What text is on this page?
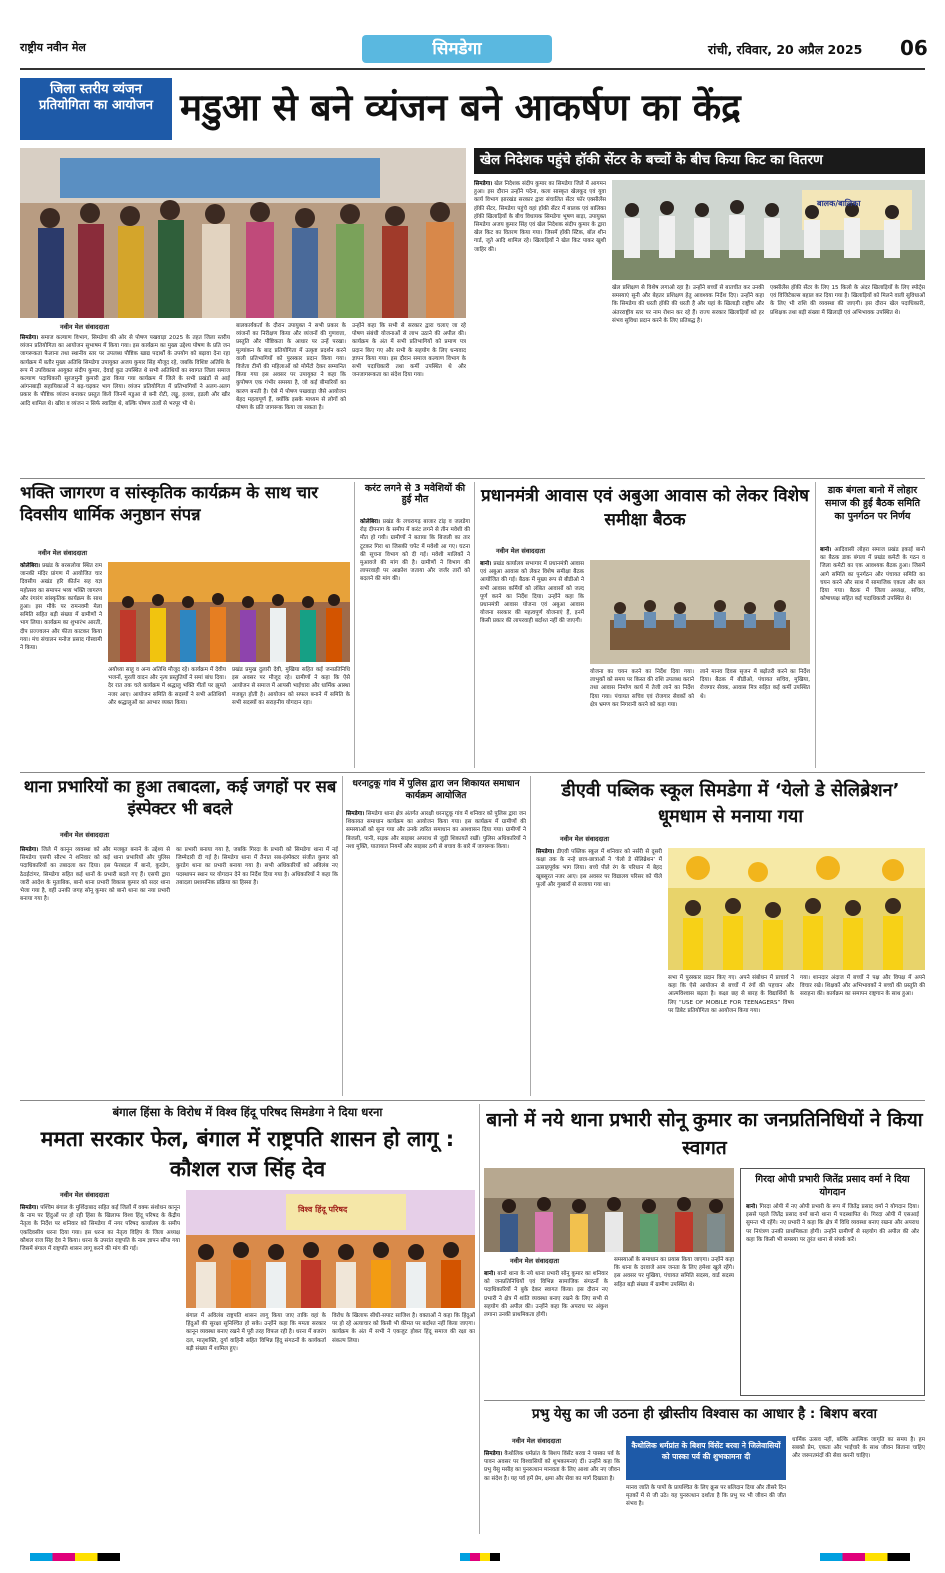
राष्ट्रीय नवीन मेल	सिमडेगा	रांची, रविवार, 20 अप्रैल 2025 06
जिला स्तरीय व्यंजन प्रतियोगिता का आयोजन मडुआ से बने व्यंजन बने आकर्षण का केंद्र
नवीन मेल संवाददाता
सिमडेगा। समाज कल्याण विभाग, सिमडेगा की ओर से पोषण पखवाड़ा 2025 के तहत जिला स्तरीय व्यंजन प्रतियोगिता का आयोजन सुभाषम में किया गया। इस कार्यक्रम का मुख्य उद्देश्य पोषण के प्रति जन जागरूकता फैलाना तथा स्थानीय स्तर पर उपलब्ध पौष्टिक खाद्य पदार्थों के उपयोग को बढ़ावा देना रहा कार्यक्रम में बतौर मुख्य अतिथि सिमडेगा उपायुक्त अजय कुमार सिंह मौजूद रहे, जबकि विशिष्ट अतिथि के रूप में उपविकास आयुक्त संदीप कुमार, देवाई कुड उपस्थित थे सभी अतिथियों का स्वागत जिला समाज कल्याण पदाधिकारी सुरजमुनी कुमारी द्वारा किया गया कार्यक्रम में जिले के सभी प्रखंडों से आई आंगनबाड़ी सहायिकाओं ने बढ़-चढ़कर भाग लिया। व्यंजन प्रतियोगिता में प्रतिभागियों ने अलग-अलग प्रकार के पौष्टिक व्यंजन बनाकर प्रस्तुत किये जिनमें मडुआ से बनी रोटी, लड्डू, हलवा, इडली और खीर आदि शामिल थे। खीरा व व्यंजन न सिर्फ स्वादिष्ट थे, बल्कि पोषण तत्वों से भरपूर भी थे।
बालकार्यकर्ता के दौरान उपायुक्त ने सभी प्रकार के व्यंजनों का निरीक्षण किया और व्यंजनों की गुणवत्ता, प्रस्तुति और पौष्टिकता के आधार पर उन्हें परखा। मूल्यांकन के बाद प्रतियोगिता में उत्कृष्ट प्रदर्शन करने वाली प्रतिभागियों को पुरस्कार प्रदान किया गया। विजेता टीमों की महिलाओं को मोमेंटो देकर सम्मानित किया गया इस अवसर पर उपायुक्त ने कहा कि कुपोषण एक गंभीर समस्या है, जो कई बीमारियों का कारण बनती है। ऐसे में पोषण पखवाड़ा जैसे आयोजन बेहद महत्वपूर्ण हैं, क्योंकि इसके माध्यम से लोगों को पोषण के प्रति जागरूक किया जा सकता है।
उन्होंने कहा कि सभी से सरकार द्वारा चलाए जा रहे पोषण संबंधी योजनाओं से लाभ उठाने की अपील की। कार्यक्रम के अंत में सभी प्रतिभागियों को प्रमाण पत्र प्रदान किए गए और सभी के सहयोग के लिए धन्यवाद ज्ञापन किया गया। इस दौरान समाज कल्याण विभाग के सभी पदाधिकारी तथा कर्मी उपस्थित थे और जनजागरूकता का संदेश दिया गया।
खेल निदेशक पहुंचे हॉकी सेंटर के बच्चों के बीच किया किट का वितरण
सिमडेगा। खेल निदेशक संदीप कुमार का सिमडेगा जिले में आगमन हुआ। इस दौरान उन्होंने पदेना, कला सास्कृत खेलकूद एवं युवा कार्य विभाग झारखंड सरकार द्वारा संचालित सेंटर फॉर एक्सीलेंस हॉकी सेंटर, सिमडेगा पहुंचे वहां हॉकी सेंटर में बालक एवं बालिका हॉकी खिलाड़ियों के बीच विधायक सिमडेगा भूषण बाड़ा, उपायुक्त सिमडेगा अजय कुमार सिंह एवं खेल निदेशक संदीप कुमार के द्वारा खेल किट का वितरण किया गया। जिसमें हॉकी स्टिक, बॉल शीन गार्ड, जूते आदि शामिल रहे। खिलाड़ियों ने खेल किट पाकर खुशी जाहिर की।
बालक/बालिका
खेल प्रशिक्षण से विशेष लगाओ रहा है। उन्होंने बच्चों से बातचीत कर उनकी समस्याएं सुनी और बेहतर प्रशिक्षण हेतु आवश्यक निर्देश दिए। उन्होंने कहा कि सिमडेगा की धरती हॉकी की धरती है और यहां के खिलाड़ी राष्ट्रीय और अंतरराष्ट्रीय स्तर पर नाम रोशन कर रहे हैं। राज्य सरकार खिलाड़ियों को हर संभव सुविधा प्रदान करने के लिए प्रतिबद्ध है।
एक्सीलेंस हॉकी सेंटर के लिए 15 किलो के अंदर खिलाड़ियों के लिए स्पोर्ट्स एवं विजिटेबल्स बहाल कर दिया गया है। खिलाड़ियों को मिलने वाली सुविधाओं के लिए भी राशि की व्यवस्था की जाएगी। इस दौरान खेल पदाधिकारी, प्रशिक्षक तथा बड़ी संख्या में खिलाड़ी एवं अभिभावक उपस्थित थे।
भक्ति जागरण व सांस्कृतिक कार्यक्रम के साथ चार दिवसीय धार्मिक अनुष्ठान संपन्न
नवीन मेल संवाददाता
कोलेबिरा। प्रखंड के बरसलोया स्थित राम जानकी मंदिर प्रांगण में आयोजित चार दिवसीय अखंड हरि कीर्तन सह यज्ञ महोत्सव का समापन भव्य भक्ति जागरण और रंगारंग सांस्कृतिक कार्यक्रम के साथ हुआ। इस मौके पर रामनवमी मेला समिति सहित बड़ी संख्या में ग्रामीणों ने भाग लिया। कार्यक्रम का शुभारंभ आरती, दीप प्रज्ज्वलन और फीता काटकर किया गया। मंच संचालन मनोज प्रसाद गोस्वामी ने किया।
अयोध्या साहू व अन्य अतिथि मौजूद रहे। कार्यक्रम में देवीय भजनों, मुरली वादन और नृत्य प्रस्तुतियों ने समां बांध दिया। देर रात तक चले कार्यक्रम में श्रद्धालु भक्ति गीतों पर झूमते नजर आए। आयोजन समिति के सदस्यों ने सभी अतिथियों और श्रद्धालुओं का आभार व्यक्त किया।
प्रखंड प्रमुख दुलारी देवी, मुखिया सहित कई जनप्रतिनिधि इस अवसर पर मौजूद रहे। ग्रामीणों ने कहा कि ऐसे आयोजन से समाज में आपसी भाईचारा और धार्मिक आस्था मजबूत होती है। आयोजन को सफल बनाने में समिति के सभी सदस्यों का सराहनीय योगदान रहा।
करंट लगने से 3 मवेशियों की हुई मौत
कोलेबिरा। प्रखंड के लचरागढ़ बाजार टांड़ व जलडेगा रोड़ दीपनाग के समीप में करंट लगने से तीन मवेशी की मौत हो गयी। ग्रामीणों ने बताया कि बिजली का तार टूटकर गिरा था जिसकी चपेट में मवेशी आ गए। घटना की सूचना विभाग को दी गई। मवेशी मालिकों ने मुआवजे की मांग की है। ग्रामीणों ने विभाग की लापरवाही पर आक्रोश जताया और जर्जर तारों को बदलने की मांग की।
प्रधानमंत्री आवास एवं अबुआ आवास को लेकर विशेष समीक्षा बैठक
नवीन मेल संवाददाता
बानो। प्रखंड कार्यालय सभागार में प्रधानमंत्री आवास एवं अबुआ आवास को लेकर विशेष समीक्षा बैठक आयोजित की गई। बैठक में मुख्य रूप से बीडीओ ने सभी आवास कर्मियों को लंबित आवासों को जल्द पूर्ण करने का निर्देश दिया। उन्होंने कहा कि प्रधानमंत्री आवास योजना एवं अबुआ आवास योजना सरकार की महत्वपूर्ण योजनाएं हैं, इनमें किसी प्रकार की लापरवाही बर्दाश्त नहीं की जाएगी।
योजना का चयन करने का निर्देश दिया गया। लाभुकों को समय पर किस्त की राशि उपलब्ध कराने तथा आवास निर्माण कार्य में तेजी लाने का निर्देश दिया गया। पंचायत सचिव एवं रोजगार सेवकों को क्षेत्र भ्रमण कर निगरानी करने को कहा गया।
लाने मानव दिवस सृजन में बढ़ोतरी करने का निर्देश दिया। बैठक में बीडीओ, पंचायत सचिव, मुखिया, रोजगार सेवक, आवास मित्र सहित कई कर्मी उपस्थित थे।
डाक बंगला बानो में लोहार समाज की हुई बैठक समिति का पुनर्गठन पर निर्णय
बानो। आदिवासी लोहरा समाज प्रखंड इकाई बानो का बैठक डाक बंगला में प्रखंड कमेटी के गठन व जिला कमेटी का एक आवश्यक बैठक हुआ। जिसमें आगे समिति का पुनर्गठन और पंचायत समिति का चयन करने और साथ में सामाजिक एकता और बल दिया गया। बैठक में जिला अध्यक्ष, सचिव, कोषाध्यक्ष सहित कई पदाधिकारी उपस्थित थे।
थाना प्रभारियों का हुआ तबादला, कई जगहों पर सब इंस्पेक्टर भी बदले
नवीन मेल संवाददाता
सिमडेगा। जिले में कानून व्यवस्था को और मजबूत बनाने के उद्देश्य से सिमडेगा एसपी सौरभ ने शनिवार को कई थाना प्रभारियों और पुलिस पदाधिकारियों का तबादला कर दिया। इस फेरबदल में बानो, कुरडेग, ठेठईटांगर, सिमडेगा सहित कई थानों के प्रभारी बदले गए हैं। एसपी द्वारा जारी आदेश के मुताबिक, बानो थाना प्रभारी विकास कुमार को सदर थाना भेजा गया है, वहीं उनकी जगह सोनू कुमार को बानो थाना का नया प्रभारी बनाया गया है।
का प्रभारी बनाया गया है, जबकि गिरदा के प्रभारी को सिमडेगा थाना में नई जिम्मेदारी दी गई है। सिमडेगा थाना में तैनात सब-इंस्पेक्टर संजीत कुमार को कुरडेग थाना का प्रभारी बनाया गया है। सभी अधिकारियों को अविलंब नए पदस्थापन स्थान पर योगदान देने का निर्देश दिया गया है। अधिकारियों ने कहा कि तबादला प्रशासनिक प्रक्रिया का हिस्सा है।
धरनाटुकू गांव में पुलिस द्वारा जन शिकायत समाधान कार्यक्रम आयोजित
सिमडेगा। सिमडेगा थाना क्षेत्र अंतर्गत आरक्षी धरनाटुकू गांव में शनिवार को पुलिस द्वारा जन शिकायत समाधान कार्यक्रम का आयोजन किया गया। इस कार्यक्रम में ग्रामीणों की समस्याओं को सुना गया और उनके त्वरित समाधान का आश्वासन दिया गया। ग्रामीणों ने बिजली, पानी, सड़क और साइबर अपराध से जुड़ी शिकायतें रखीं। पुलिस अधिकारियों ने नशा मुक्ति, यातायात नियमों और साइबर ठगी से बचाव के बारे में जागरूक किया।
डीएवी पब्लिक स्कूल सिमडेगा में ‘येलो डे सेलिब्रेशन’ धूमधाम से मनाया गया
नवीन मेल संवाददाता
सिमडेगा। डीएवी पब्लिक स्कूल में शनिवार को नर्सरी से दूसरी कक्षा तक के नन्हे छात्र-छात्राओं ने ‘येलो डे सेलिब्रेशन’ में उत्साहपूर्वक भाग लिया। बच्चे पीले रंग के परिधान में बेहद खूबसूरत नजर आए। इस अवसर पर विद्यालय परिसर को पीले फूलों और गुब्बारों से सजाया गया था।
सभा में पुरस्कार प्रदान किए गए। अपने संबोधन में प्राचार्य ने कहा कि ऐसे आयोजन से बच्चों में रंगों की पहचान और आत्मविश्वास बढ़ता है। कक्षा छह से बारह के विद्यार्थियों के लिए “USE OF MOBILE FOR TEENAGERS” विषय पर डिबेट प्रतियोगिता का आयोजन किया गया।
गया। शानदार अंदाज में बच्चों ने पक्ष और विपक्ष में अपने विचार रखे। शिक्षकों और अभिभावकों ने बच्चों की प्रस्तुति की सराहना की। कार्यक्रम का समापन राष्ट्रगान के साथ हुआ।
बंगाल हिंसा के विरोध में विश्व हिंदू परिषद सिमडेगा ने दिया धरना
ममता सरकार फेल, बंगाल में राष्ट्रपति शासन हो लागू : कौशल राज सिंह देव
नवीन मेल संवाददाता
सिमडेगा। पश्चिम बंगाल के मुर्शिदाबाद सहित कई जिलों में वक्फ संशोधन कानून के नाम पर हिंदुओं पर हो रही हिंसा के खिलाफ विश्व हिंदू परिषद के केंद्रीय नेतृत्व के निर्देश पर शनिवार को सिमडेगा में नगर परिषद कार्यालय के समीप एकदिवसीय धरना दिया गया। इस धरना का नेतृत्व विहिप के जिला अध्यक्ष कौशल राज सिंह देव ने किया। धरना के उपरांत राष्ट्रपति के नाम ज्ञापन सौंपा गया जिसमें बंगाल में राष्ट्रपति शासन लागू करने की मांग की गई।
विश्व हिंदू परिषद
बंगाल में अविलंब राष्ट्रपति शासन लागू किया जाए ताकि वहां के हिंदुओं की सुरक्षा सुनिश्चित हो सके। उन्होंने कहा कि ममता सरकार कानून व्यवस्था बनाए रखने में पूरी तरह विफल रही है। धरना में बजरंग दल, मातृशक्ति, दुर्गा वाहिनी सहित विभिन्न हिंदू संगठनों के कार्यकर्ता बड़ी संख्या में शामिल हुए।
विरोध के खिलाफ सीधी-सपाट साजिश है। वक्ताओं ने कहा कि हिंदुओं पर हो रहे अत्याचार को किसी भी कीमत पर बर्दाश्त नहीं किया जाएगा। कार्यक्रम के अंत में सभी ने एकजुट होकर हिंदू समाज की रक्षा का संकल्प लिया।
बानो में नये थाना प्रभारी सोनू कुमार का जनप्रतिनिधियों ने किया स्वागत
नवीन मेल संवाददाता
बानो। बानो थाना के नये थाना प्रभारी सोनू कुमार का शनिवार को जनप्रतिनिधियों एवं विभिन्न सामाजिक संगठनों के पदाधिकारियों ने बुके देकर स्वागत किया। इस दौरान नए प्रभारी ने क्षेत्र में शांति व्यवस्था बनाए रखने के लिए सभी से सहयोग की अपील की। उन्होंने कहा कि अपराध पर अंकुश लगाना उनकी प्राथमिकता होगी।
समस्याओं के समाधान का प्रयास किया जाएगा। उन्होंने कहा कि थाना के दरवाजे आम जनता के लिए हमेशा खुले रहेंगे। इस अवसर पर मुखिया, पंचायत समिति सदस्य, वार्ड सदस्य सहित बड़ी संख्या में ग्रामीण उपस्थित थे।
गिरदा ओपी प्रभारी जितेंद्र प्रसाद वर्मा ने दिया योगदान
बानो। गिरदा ओपी में नए ओपी प्रभारी के रूप में जितेंद्र प्रसाद वर्मा ने योगदान दिया। इससे पहले जितेंद्र प्रसाद वर्मा बानो थाना में पदस्थापित थे। गिरदा ओपी में एसआई सुमन्त भी रहेंगे। नए प्रभारी ने कहा कि क्षेत्र में विधि व्यवस्था बनाए रखना और अपराध पर नियंत्रण उनकी प्राथमिकता होगी। उन्होंने ग्रामीणों से सहयोग की अपील की और कहा कि किसी भी समस्या पर तुरंत थाना से संपर्क करें।
प्रभु येसु का जी उठना ही ख्रीस्तीय विश्वास का आधार है : बिशप बरवा
नवीन मेल संवाददाता
सिमडेगा। कैथोलिक धर्मप्रांत के बिशप विंसेंट बरवा ने पास्का पर्व के पावन अवसर पर विश्वासियों को शुभकामनाएं दीं। उन्होंने कहा कि प्रभु येसु मसीह का पुनरुत्थान मानवता के लिए आशा और नए जीवन का संदेश है। यह पर्व हमें प्रेम, क्षमा और सेवा का मार्ग दिखाता है।
कैथोलिक धर्मप्रांत के बिशप विंसेंट बरवा ने जिलेवासियों को पास्का पर्व की शुभकामना दी
मानव जाति के पापों के प्रायश्चित के लिए क्रूस पर बलिदान दिया और तीसरे दिन मृतकों में से जी उठे। यह पुनरुत्थान दर्शाता है कि प्रभु पर भी जीवन की जीत संभव है।
धार्मिक उत्सव नहीं, बल्कि आत्मिक जागृति का समय है। हम सबको प्रेम, एकता और भाईचारे के साथ जीवन बिताना चाहिए और जरूरतमंदों की सेवा करनी चाहिए।
